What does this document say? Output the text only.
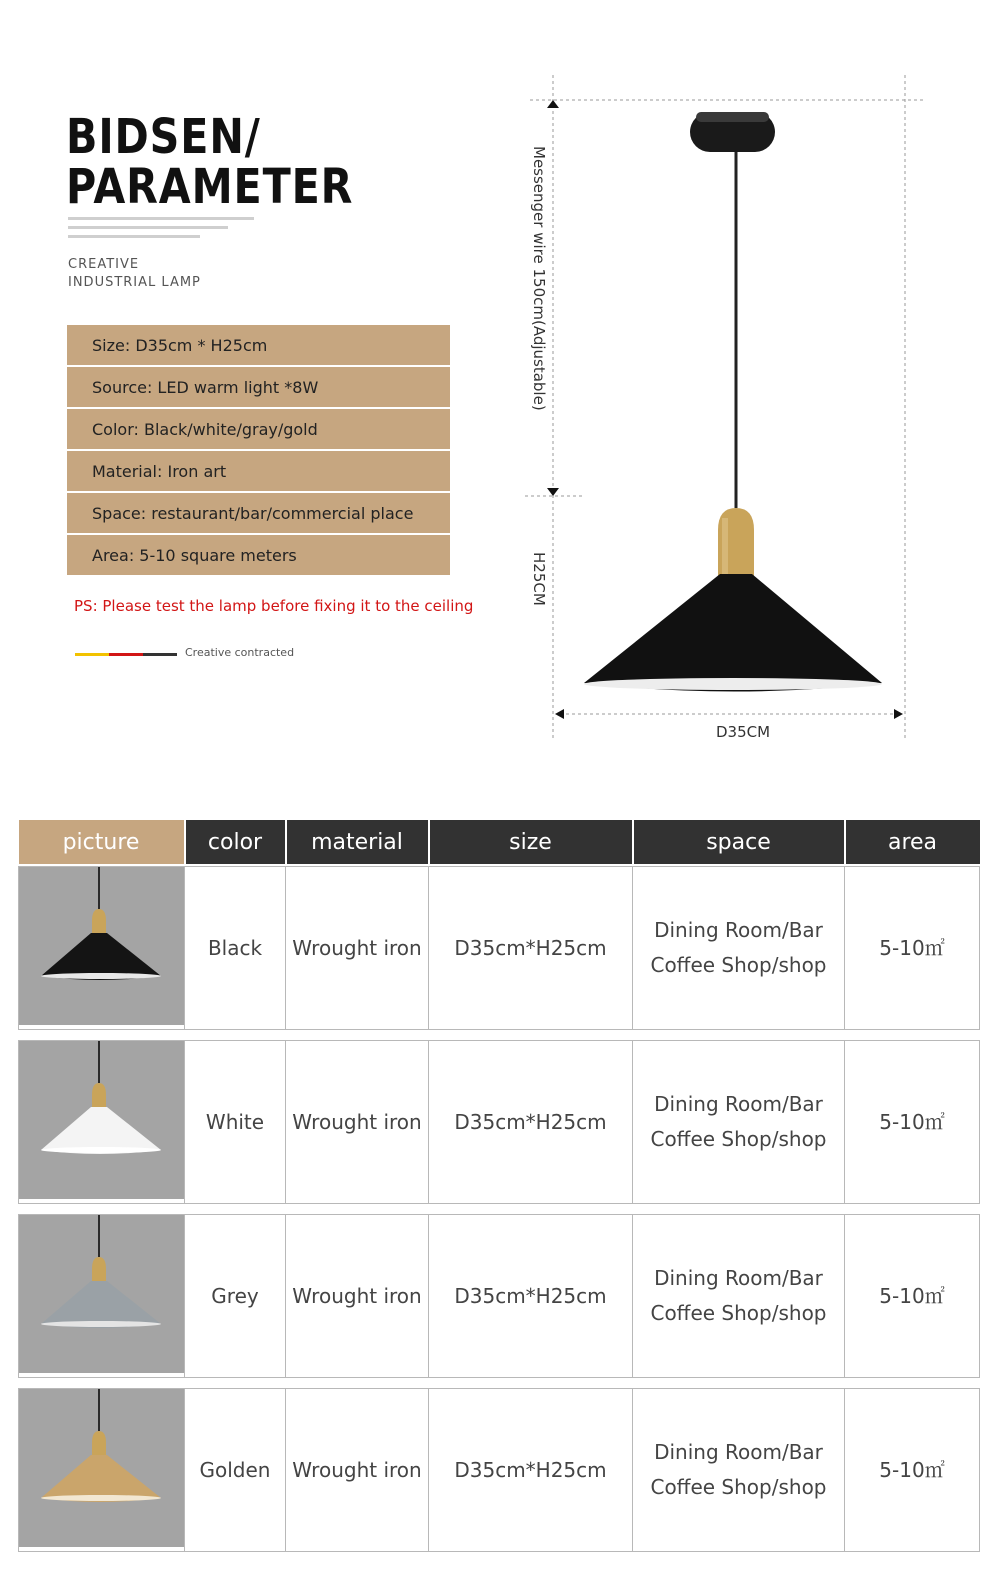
BIDSEN/
PARAMETER
CREATIVE
INDUSTRIAL LAMP
Size: D35cm * H25cm
Source: LED warm light *8W
Color: Black/white/gray/gold
Material: Iron art
Space: restaurant/bar/commercial place
Area: 5-10 square meters
PS: Please test the lamp before fixing it to the ceiling
Creative contracted
Messenger wire 150cm(Adjustable)
H25CM
D35CM
picture	color	material	size	space	area

	Black	Wrought iron	D35cm*H25cm	Dining Room/Bar
Coffee Shop/shop	5-10㎡

	White	Wrought iron	D35cm*H25cm	Dining Room/Bar
Coffee Shop/shop	5-10㎡

	Grey	Wrought iron	D35cm*H25cm	Dining Room/Bar
Coffee Shop/shop	5-10㎡

	Golden	Wrought iron	D35cm*H25cm	Dining Room/Bar
Coffee Shop/shop	5-10㎡
